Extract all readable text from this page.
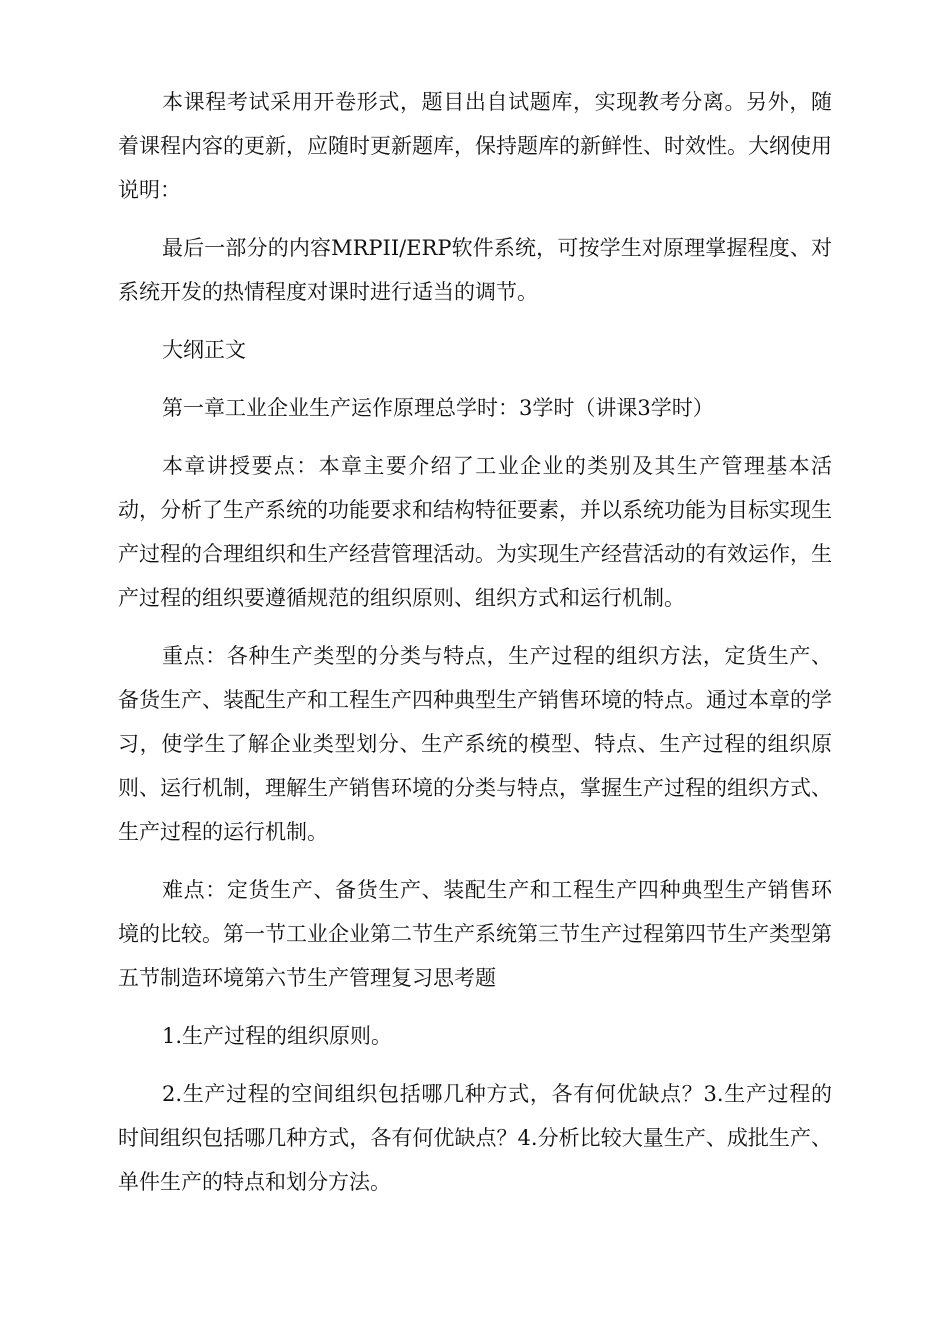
本课程考试采用开卷形式，题目出自试题库，实现教考分离。另外，随着课程内容的更新，应随时更新题库，保持题库的新鲜性、时效性。大纲使用说明：

最后一部分的内容MRPII/ERP软件系统，可按学生对原理掌握程度、对系统开发的热情程度对课时进行适当的调节。

大纲正文

第一章工业企业生产运作原理总学时：3学时（讲课3学时）

本章讲授要点：本章主要介绍了工业企业的类别及其生产管理基本活动，分析了生产系统的功能要求和结构特征要素，并以系统功能为目标实现生产过程的合理组织和生产经营管理活动。为实现生产经营活动的有效运作，生产过程的组织要遵循规范的组织原则、组织方式和运行机制。

重点：各种生产类型的分类与特点，生产过程的组织方法，定货生产、备货生产、装配生产和工程生产四种典型生产销售环境的特点。通过本章的学习，使学生了解企业类型划分、生产系统的模型、特点、生产过程的组织原则、运行机制，理解生产销售环境的分类与特点，掌握生产过程的组织方式、生产过程的运行机制。

难点：定货生产、备货生产、装配生产和工程生产四种典型生产销售环境的比较。第一节工业企业第二节生产系统第三节生产过程第四节生产类型第五节制造环境第六节生产管理复习思考题

1.生产过程的组织原则。

2.生产过程的空间组织包括哪几种方式，各有何优缺点？3.生产过程的时间组织包括哪几种方式，各有何优缺点？4.分析比较大量生产、成批生产、单件生产的特点和划分方法。
